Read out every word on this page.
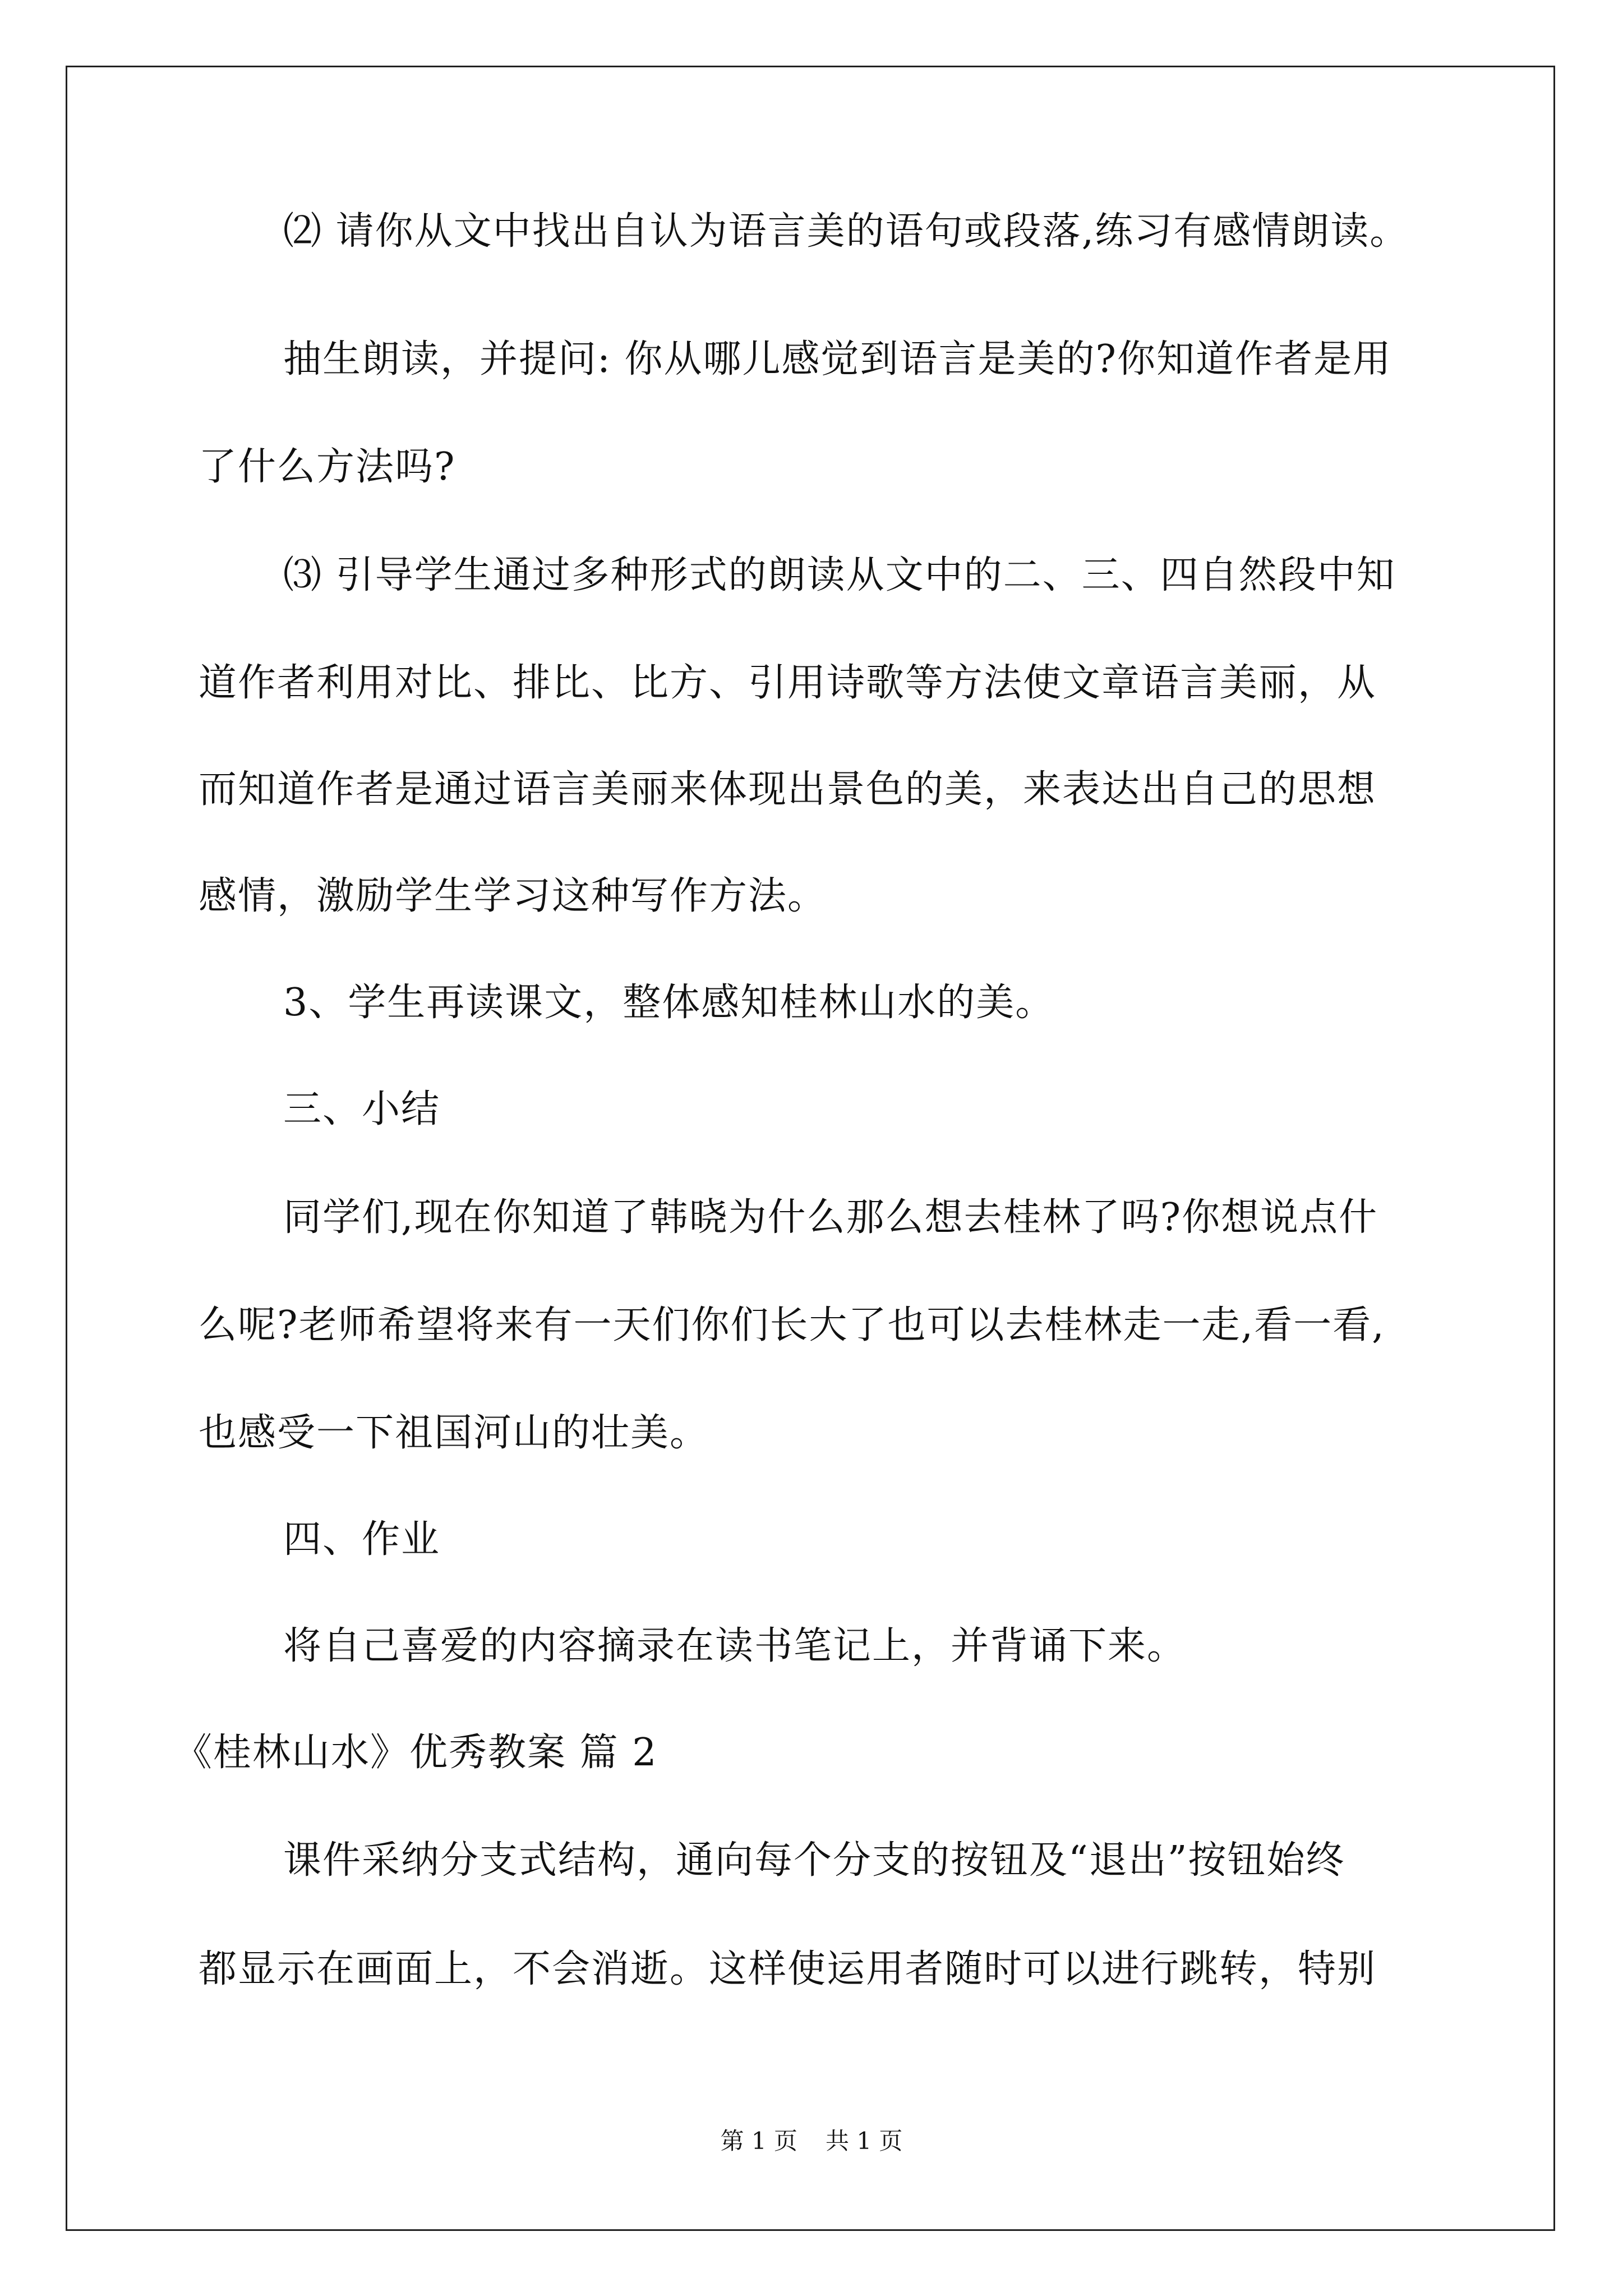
⑵ 请你从文中找出自认为语言美的语句或段落,练习有感情朗读。
抽生朗读，并提问: 你从哪儿感觉到语言是美的?你知道作者是用
了什么方法吗?
⑶ 引导学生通过多种形式的朗读从文中的二、三、四自然段中知
道作者利用对比、排比、比方、引用诗歌等方法使文章语言美丽，从
而知道作者是通过语言美丽来体现出景色的美，来表达出自己的思想
感情，激励学生学习这种写作方法。
3、学生再读课文，整体感知桂林山水的美。
三、小结
同学们,现在你知道了韩晓为什么那么想去桂林了吗?你想说点什
么呢?老师希望将来有一天们你们长大了也可以去桂林走一走,看一看,
也感受一下祖国河山的壮美。
四、作业
将自己喜爱的内容摘录在读书笔记上，并背诵下来。
《桂林山水》优秀教案 篇 2
课件采纳分支式结构，通向每个分支的按钮及“退出”按钮始终
都显示在画面上，不会消逝。这样使运用者随时可以进行跳转，特别
第 1 页 共 1 页
